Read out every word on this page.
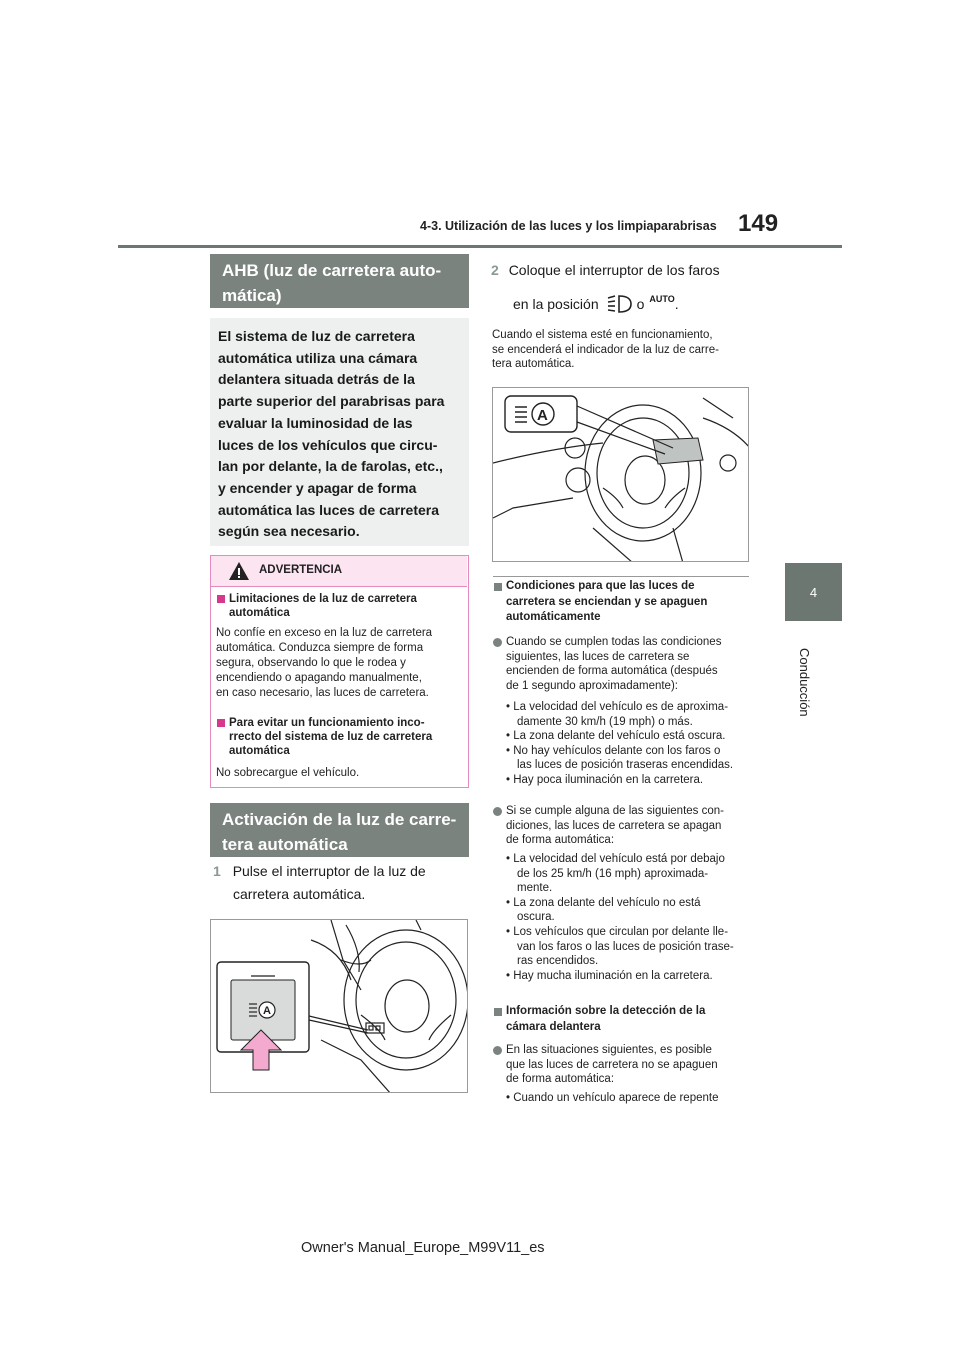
4-3. Utilización de las luces y los limpiaparabrisas 149
4
Conducción
AHB (luz de carretera auto-mática)
El sistema de luz de carretera
automática utiliza una cámara
delantera situada detrás de la
parte superior del parabrisas para
evaluar la luminosidad de las
luces de los vehículos que circu-
lan por delante, la de farolas, etc.,
y encender y apagar de forma
automática las luces de carretera
según sea necesario.
ADVERTENCIA
Limitaciones de la luz de carretera
automática
No confíe en exceso en la luz de carretera
automática. Conduzca siempre de forma
segura, observando lo que le rodea y
encendiendo o apagando manualmente,
en caso necesario, las luces de carretera.
Para evitar un funcionamiento inco-
rrecto del sistema de luz de carretera
automática
No sobrecargue el vehículo.
Activación de la luz de carre-tera automática
1 Pulse el interruptor de la luz de
carretera automática.
A
2 Coloque el interruptor de los faros
en la posición	o AUTO .
Cuando el sistema esté en funcionamiento,
se encenderá el indicador de la luz de carre-
tera automática.
A
Condiciones para que las luces de
carretera se enciendan y se apaguen
automáticamente
Cuando se cumplen todas las condiciones
siguientes, las luces de carretera se
encienden de forma automática (después
de 1 segundo aproximadamente):
• La velocidad del vehículo es de aproxima-
damente 30 km/h (19 mph) o más.
• La zona delante del vehículo está oscura.
• No hay vehículos delante con los faros o
las luces de posición traseras encendidas.
• Hay poca iluminación en la carretera.
Si se cumple alguna de las siguientes con-
diciones, las luces de carretera se apagan
de forma automática:
• La velocidad del vehículo está por debajo
de los 25 km/h (16 mph) aproximada-
mente.
• La zona delante del vehículo no está
oscura.
• Los vehículos que circulan por delante lle-
van los faros o las luces de posición trase-
ras encendidos.
• Hay mucha iluminación en la carretera.
Información sobre la detección de la
cámara delantera
En las situaciones siguientes, es posible
que las luces de carretera no se apaguen
de forma automática:
• Cuando un vehículo aparece de repente
Owner's Manual_Europe_M99V11_es
